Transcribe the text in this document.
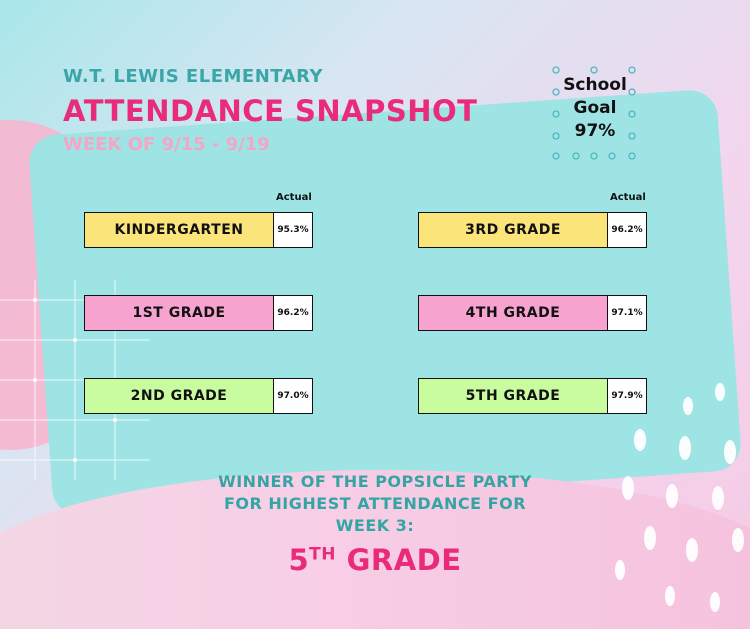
W.T. LEWIS ELEMENTARY
ATTENDANCE SNAPSHOT
WEEK OF 9/15 - 9/19
School
Goal
97%
Actual	Actual
KINDERGARTEN	95.3%
1ST GRADE	96.2%
2ND GRADE	97.0%
3RD GRADE	96.2%
4TH GRADE	97.1%
5TH GRADE	97.9%
WINNER OF THE POPSICLE PARTY
FOR HIGHEST ATTENDANCE FOR
WEEK 3:
5TH GRADE
